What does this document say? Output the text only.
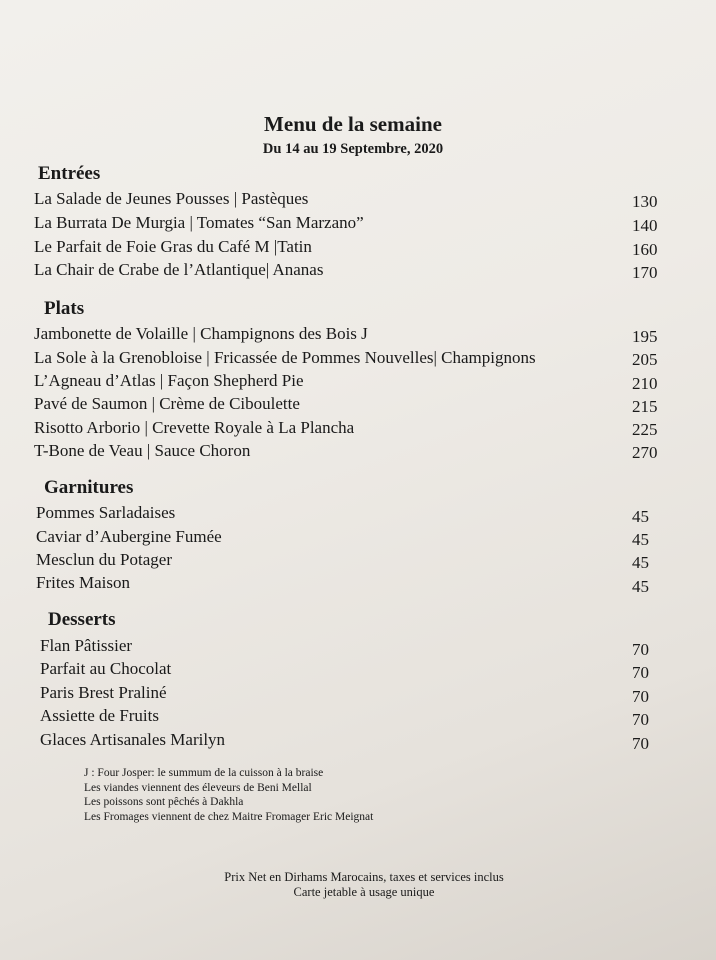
Menu de la semaine
Du 14 au 19 Septembre, 2020
Entrées
La Salade de Jeunes Pousses | Pastèques	130
La Burrata De Murgia | Tomates “San Marzano”	140
Le Parfait de Foie Gras du Café M |Tatin	160
La Chair de Crabe de l’Atlantique| Ananas	170
Plats
Jambonette de Volaille | Champignons des Bois J	195
La Sole à la Grenobloise | Fricassée de Pommes Nouvelles| Champignons	205
L’Agneau d’Atlas | Façon Shepherd Pie	210
Pavé de Saumon | Crème de Ciboulette	215
Risotto Arborio | Crevette Royale à La Plancha	225
T-Bone de Veau | Sauce Choron	270
Garnitures
Pommes Sarladaises	45
Caviar d’Aubergine Fumée	45
Mesclun du Potager	45
Frites Maison	45
Desserts
Flan Pâtissier	70
Parfait au Chocolat	70
Paris Brest Praliné	70
Assiette de Fruits	70
Glaces Artisanales Marilyn	70
J : Four Josper: le summum de la cuisson à la braise
Les viandes viennent des éleveurs de Beni Mellal
Les poissons sont pêchés à Dakhla
Les Fromages viennent de chez Maitre Fromager Eric Meignat
Prix Net en Dirhams Marocains, taxes et services inclus
Carte jetable à usage unique
